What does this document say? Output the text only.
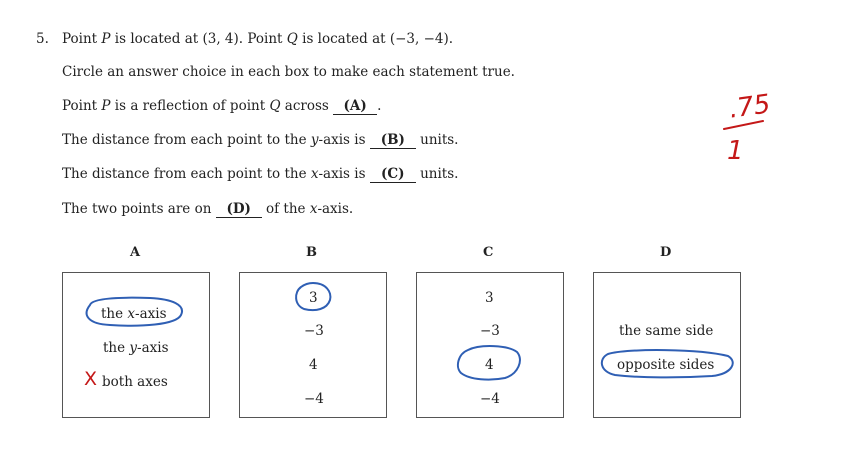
5. Point P is located at (3, 4). Point Q is located at (−3, −4).
Circle an answer choice in each box to make each statement true.
Point P is a reflection of point Q across (A) .
The distance from each point to the y-axis is (B) units.
The distance from each point to the x-axis is (C) units.
The two points are on (D) of the x-axis.
A	B	C	D
the x-axis
the y-axis
both axes
3
−3
4
−4
3
−3
4
−4
the same side
opposite sides
X
.75
1
